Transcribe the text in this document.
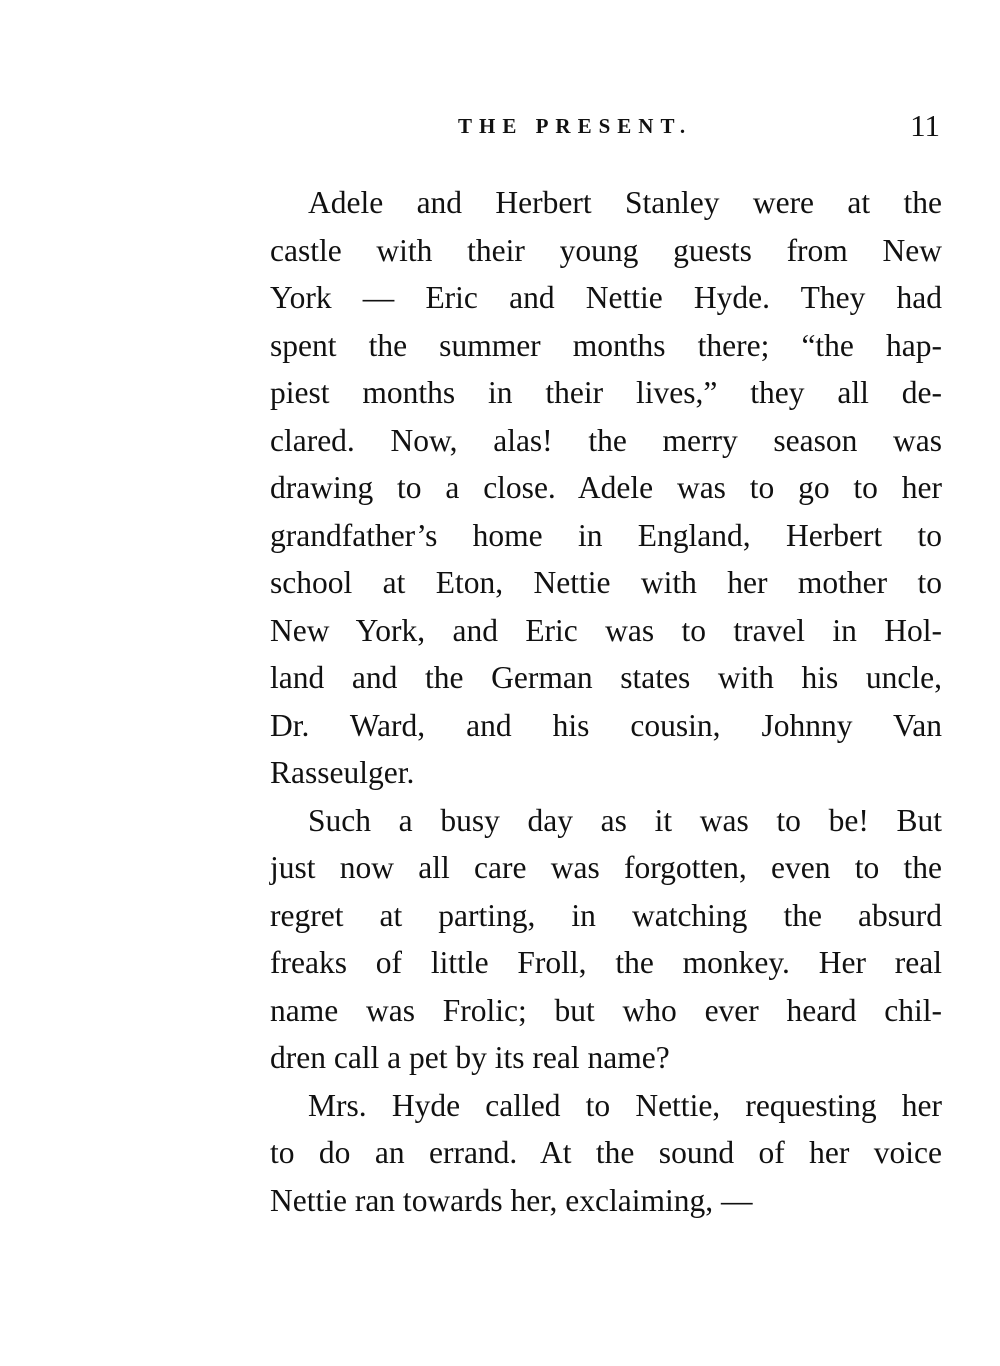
THE PRESENT.	11
Adele and Herbert Stanley were at the
castle with their young guests from New
York — Eric and Nettie Hyde. They had
spent the summer months there; “the hap-
piest months in their lives,” they all de-
clared. Now, alas! the merry season was
drawing to a close. Adele was to go to her
grandfather’s home in England, Herbert to
school at Eton, Nettie with her mother to
New York, and Eric was to travel in Hol-
land and the German states with his uncle,
Dr. Ward, and his cousin, Johnny Van
Rasseulger.
Such a busy day as it was to be! But
just now all care was forgotten, even to the
regret at parting, in watching the absurd
freaks of little Froll, the monkey. Her real
name was Frolic; but who ever heard chil-
dren call a pet by its real name?
Mrs. Hyde called to Nettie, requesting her
to do an errand. At the sound of her voice
Nettie ran towards her, exclaiming, —
